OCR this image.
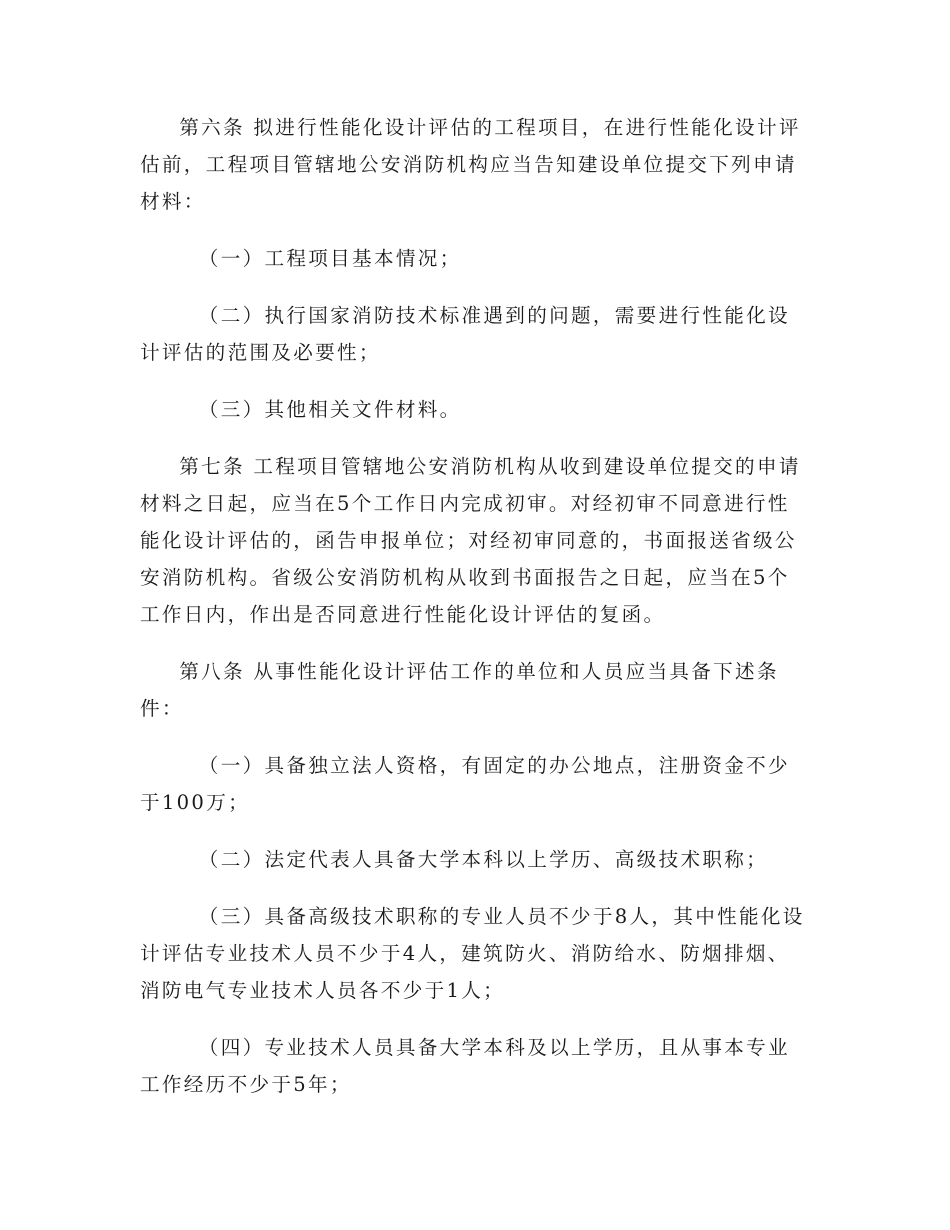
第六条 拟进行性能化设计评估的工程项目，在进行性能化设计评估前，工程项目管辖地公安消防机构应当告知建设单位提交下列申请材料：

（一）工程项目基本情况；

（二）执行国家消防技术标准遇到的问题，需要进行性能化设计评估的范围及必要性；

（三）其他相关文件材料。

第七条 工程项目管辖地公安消防机构从收到建设单位提交的申请材料之日起，应当在5个工作日内完成初审。对经初审不同意进行性能化设计评估的，函告申报单位；对经初审同意的，书面报送省级公安消防机构。省级公安消防机构从收到书面报告之日起，应当在5个工作日内，作出是否同意进行性能化设计评估的复函。

第八条 从事性能化设计评估工作的单位和人员应当具备下述条件：

（一）具备独立法人资格，有固定的办公地点，注册资金不少于100万；

（二）法定代表人具备大学本科以上学历、高级技术职称；

（三）具备高级技术职称的专业人员不少于8人，其中性能化设计评估专业技术人员不少于4人，建筑防火、消防给水、防烟排烟、消防电气专业技术人员各不少于1人；

（四）专业技术人员具备大学本科及以上学历，且从事本专业工作经历不少于5年；
